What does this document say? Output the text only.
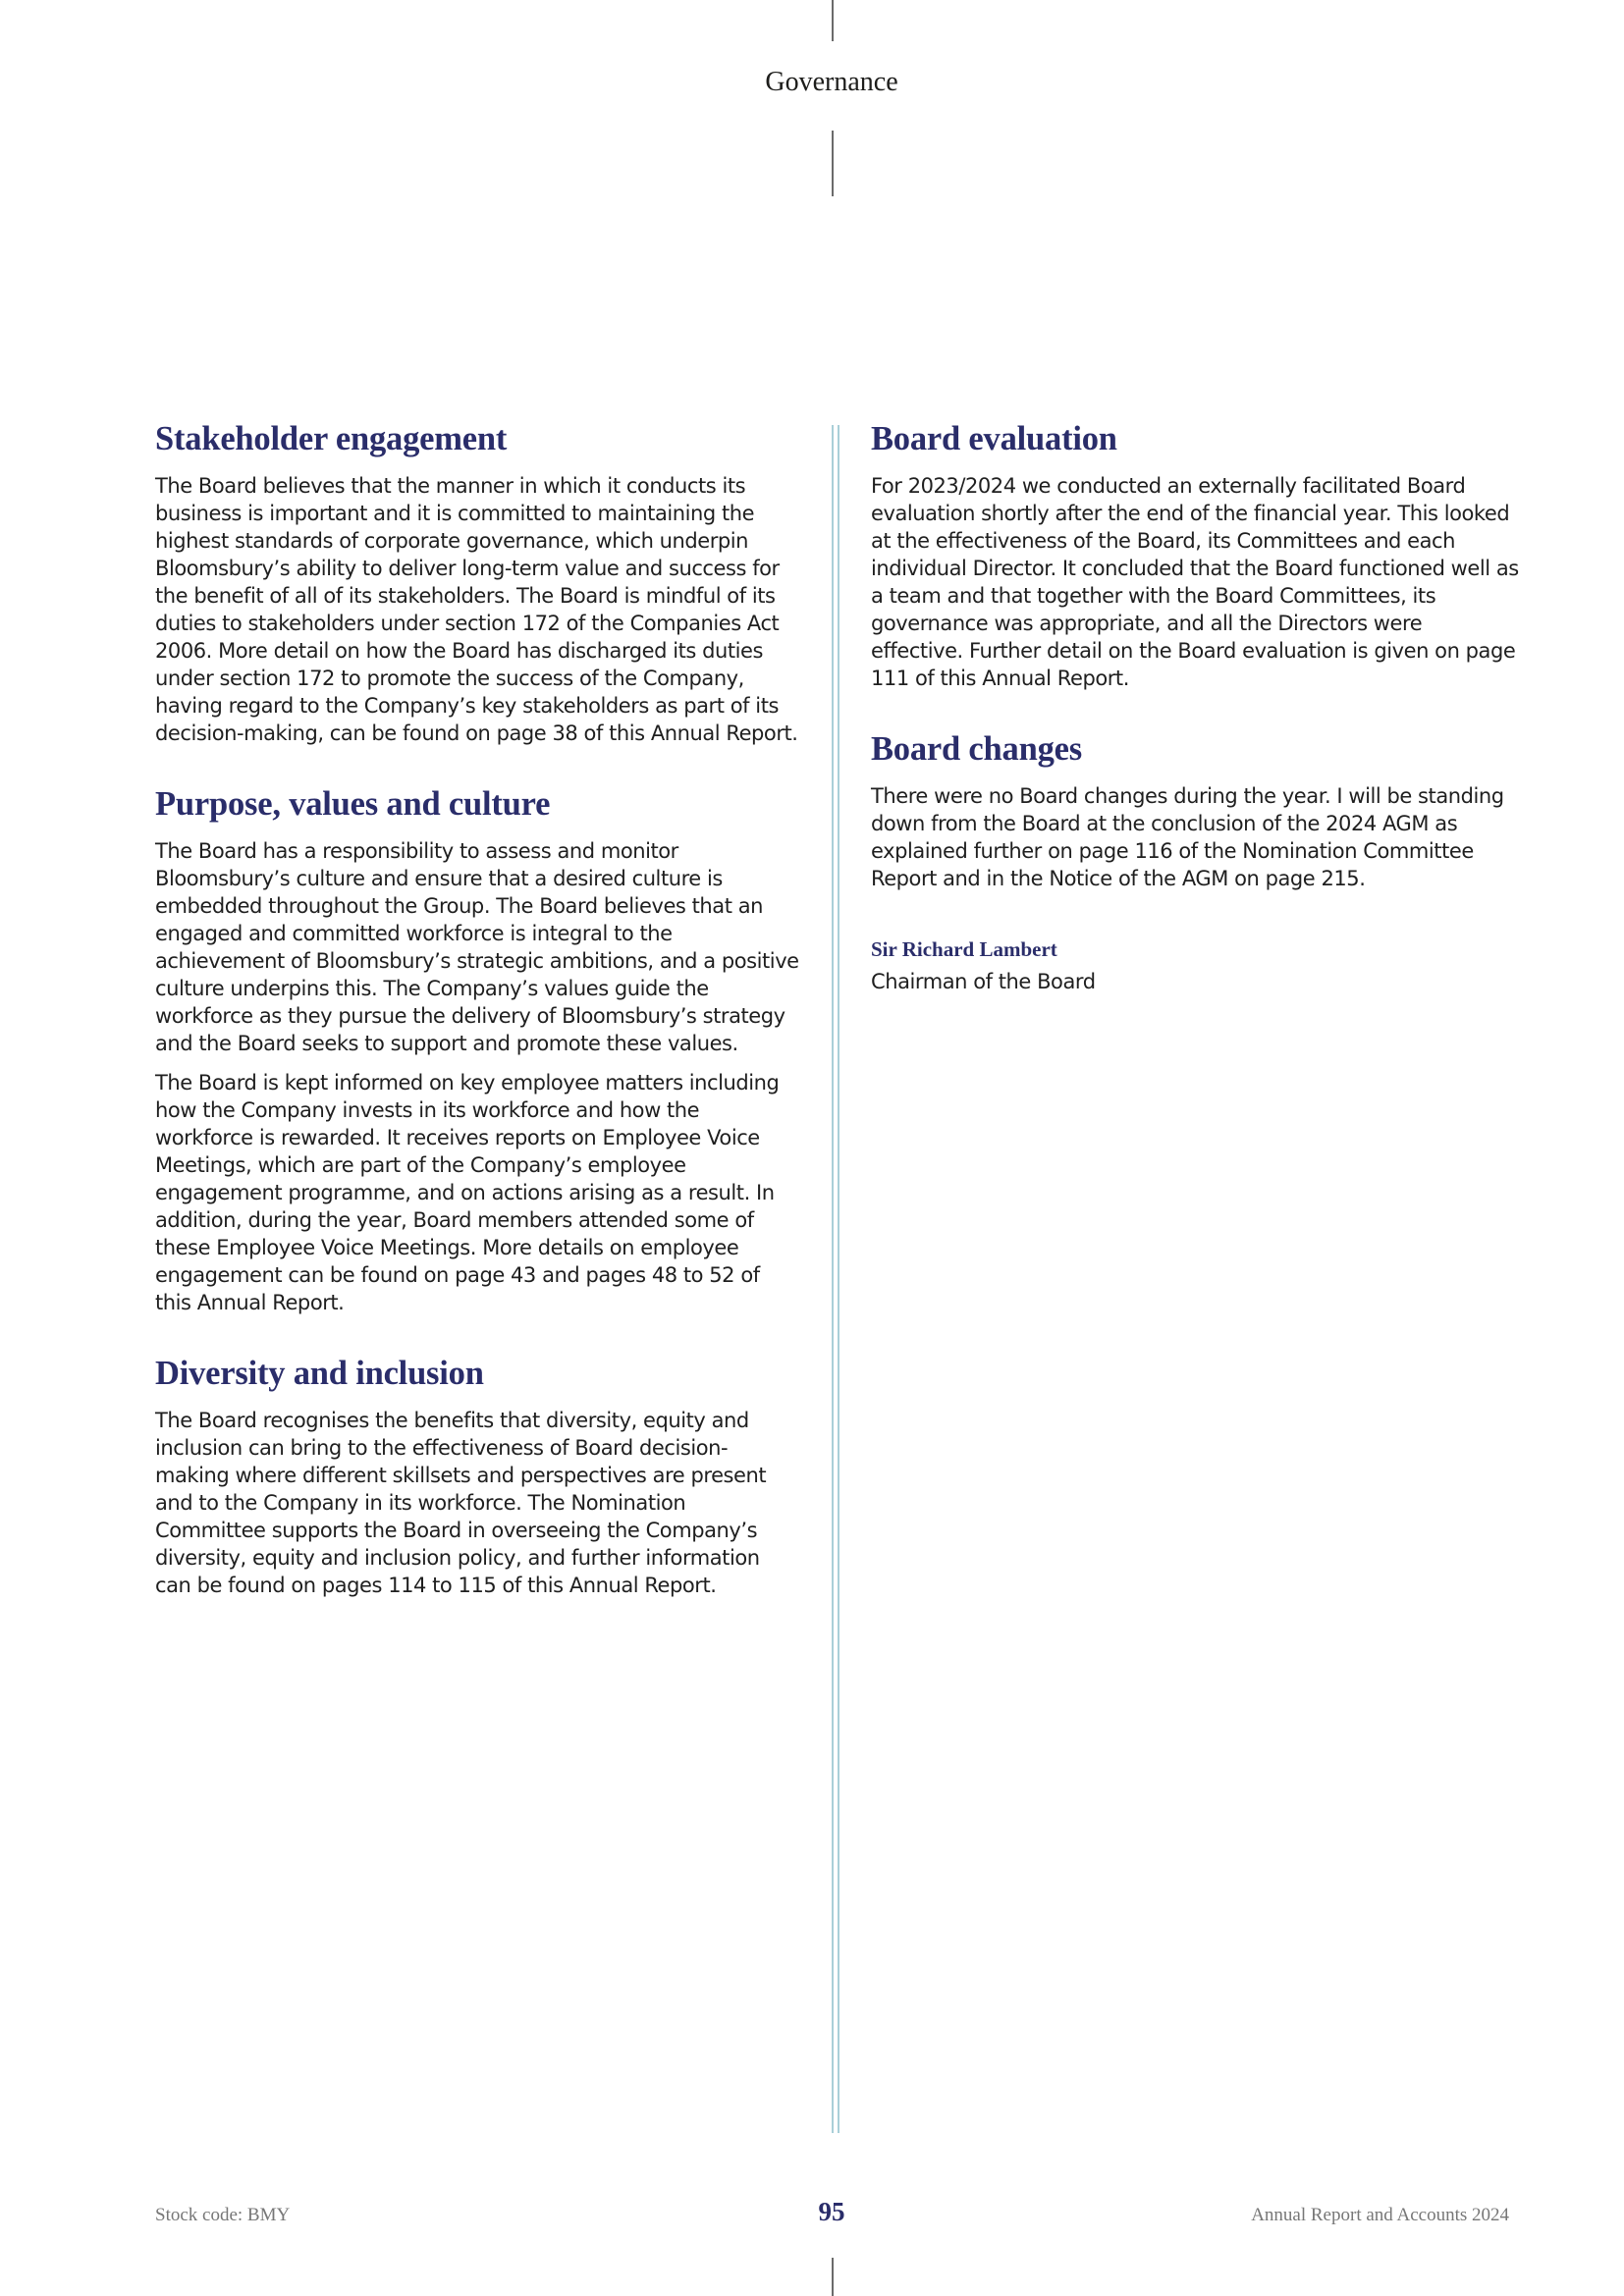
Governance
Stakeholder engagement

The Board believes that the manner in which it conducts its business is important and it is committed to maintaining the highest standards of corporate governance, which underpin Bloomsbury’s ability to deliver long-term value and success for the benefit of all of its stakeholders. The Board is mindful of its duties to stakeholders under section 172 of the Companies Act 2006. More detail on how the Board has discharged its duties under section 172 to promote the success of the Company, having regard to the Company’s key stakeholders as part of its decision-making, can be found on page 38 of this Annual Report.

Purpose, values and culture

The Board has a responsibility to assess and monitor Bloomsbury’s culture and ensure that a desired culture is embedded throughout the Group. The Board believes that an engaged and committed workforce is integral to the achievement of Bloomsbury’s strategic ambitions, and a positive culture underpins this. The Company’s values guide the workforce as they pursue the delivery of Bloomsbury’s strategy and the Board seeks to support and promote these values.

The Board is kept informed on key employee matters including how the Company invests in its workforce and how the workforce is rewarded. It receives reports on Employee Voice Meetings, which are part of the Company’s employee engagement programme, and on actions arising as a result. In addition, during the year, Board members attended some of these Employee Voice Meetings. More details on employee engagement can be found on page 43 and pages 48 to 52 of this Annual Report.

Diversity and inclusion

The Board recognises the benefits that diversity, equity and inclusion can bring to the effectiveness of Board decision-making where different skillsets and perspectives are present and to the Company in its workforce. The Nomination Committee supports the Board in overseeing the Company’s diversity, equity and inclusion policy, and further information can be found on pages 114 to 115 of this Annual Report.

Board evaluation

For 2023/2024 we conducted an externally facilitated Board evaluation shortly after the end of the financial year. This looked at the effectiveness of the Board, its Committees and each individual Director. It concluded that the Board functioned well as a team and that together with the Board Committees, its governance was appropriate, and all the Directors were effective. Further detail on the Board evaluation is given on page 111 of this Annual Report.

Board changes

There were no Board changes during the year. I will be standing down from the Board at the conclusion of the 2024 AGM as explained further on page 116 of the Nomination Committee Report and in the Notice of the AGM on page 215.

Sir Richard Lambert
Chairman of the Board
Stock code: BMY	95	Annual Report and Accounts 2024
